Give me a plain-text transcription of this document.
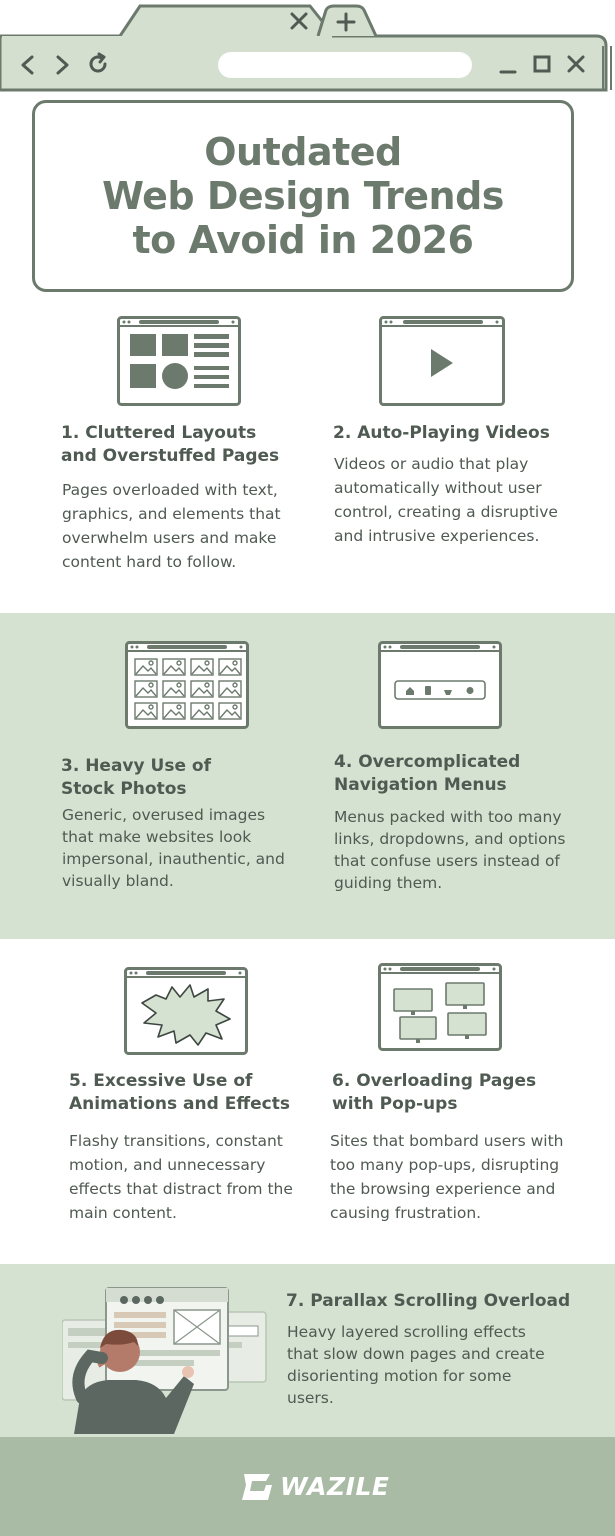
Outdated
Web Design Trends
to Avoid in 2026
1. Cluttered Layouts
and Overstuffed Pages

Pages overloaded with text, graphics, and elements that overwhelm users and make content hard to follow.

2. Auto-Playing Videos

Videos or audio that play automatically without user control, creating a disruptive and intrusive experiences.

3. Heavy Use of
Stock Photos

Generic, overused images that make websites look impersonal, inauthentic, and visually bland.

4. Overcomplicated
Navigation Menus

Menus packed with too many links, dropdowns, and options that confuse users instead of guiding them.

5. Excessive Use of
Animations and Effects

Flashy transitions, constant motion, and unnecessary effects that distract from the main content.

6. Overloading Pages
with Pop-ups

Sites that bombard users with too many pop-ups, disrupting the browsing experience and causing frustration.

7. Parallax Scrolling Overload

Heavy layered scrolling effects that slow down pages and create disorienting motion for some users.

WAZILE
